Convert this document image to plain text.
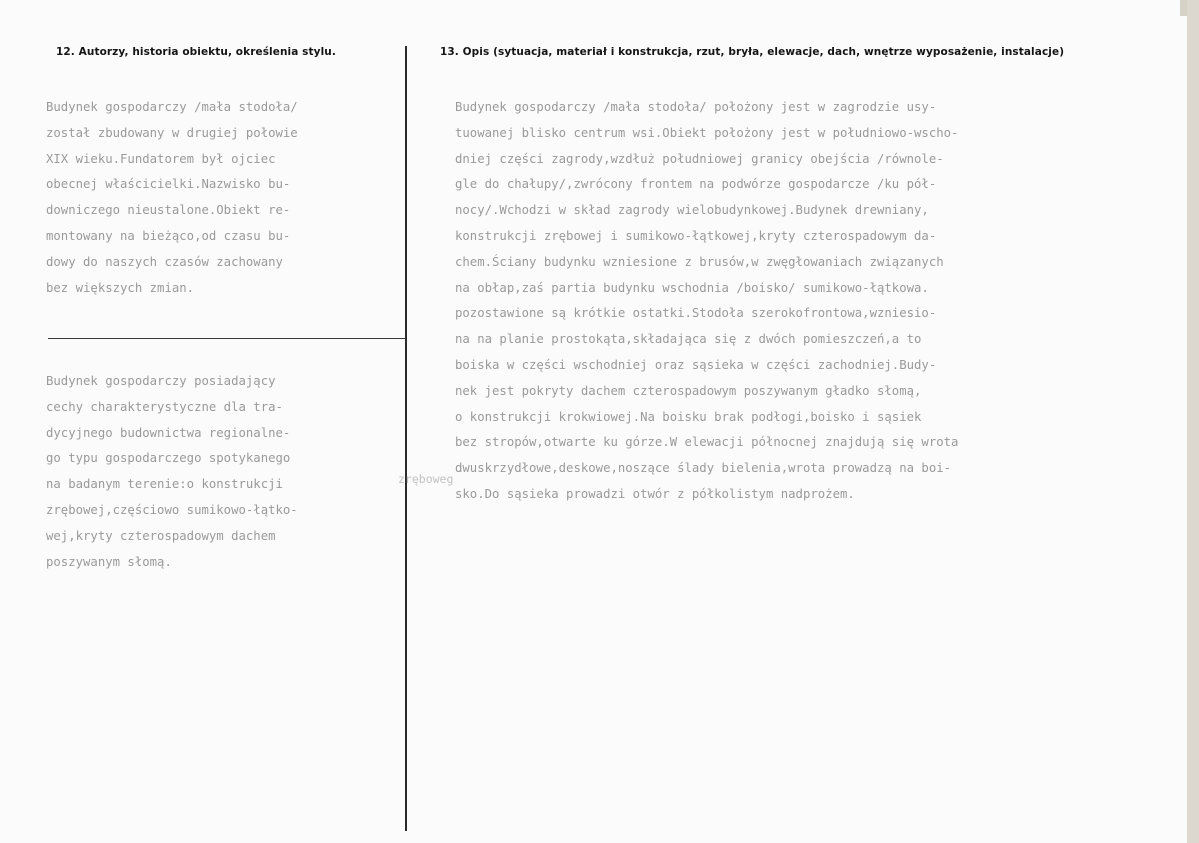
12. Autorzy, historia obiektu, określenia stylu.	13. Opis (sytuacja, materiał i konstrukcja, rzut, bryła, elewacje, dach, wnętrze wyposażenie, instalacje)
Budynek gospodarczy /mała stodoła/
został zbudowany w drugiej połowie
XIX wieku.Fundatorem był ojciec
obecnej właścicielki.Nazwisko bu-
downiczego nieustalone.Obiekt re-
montowany na bieżąco,od czasu bu-
dowy do naszych czasów zachowany
bez większych zmian.
Budynek gospodarczy posiadający
cechy charakterystyczne dla tra-
dycyjnego budownictwa regionalne-
go typu gospodarczego spotykanego
na badanym terenie:o konstrukcji
zrębowej,częściowo sumikowo-łątko-
wej,kryty czterospadowym dachem
poszywanym słomą.
zręboweg
Budynek gospodarczy /mała stodoła/ położony jest w zagrodzie usy-
tuowanej blisko centrum wsi.Obiekt położony jest w południowo-wscho-
dniej części zagrody,wzdłuż południowej granicy obejścia /równole-
gle do chałupy/,zwrócony frontem na podwórze gospodarcze /ku pół-
nocy/.Wchodzi w skład zagrody wielobudynkowej.Budynek drewniany,
konstrukcji zrębowej i sumikowo-łątkowej,kryty czterospadowym da-
chem.Ściany budynku wzniesione z brusów,w zwęgłowaniach związanych
na obłap,zaś partia budynku wschodnia /boisko/ sumikowo-łątkowa.
pozostawione są krótkie ostatki.Stodoła szerokofrontowa,wzniesio-
na na planie prostokąta,składająca się z dwóch pomieszczeń,a to
boiska w części wschodniej oraz sąsieka w części zachodniej.Budy-
nek jest pokryty dachem czterospadowym poszywanym gładko słomą,
o konstrukcji krokwiowej.Na boisku brak podłogi,boisko i sąsiek
bez stropów,otwarte ku górze.W elewacji północnej znajdują się wrota
dwuskrzydłowe,deskowe,noszące ślady bielenia,wrota prowadzą na boi-
sko.Do sąsieka prowadzi otwór z półkolistym nadprożem.
